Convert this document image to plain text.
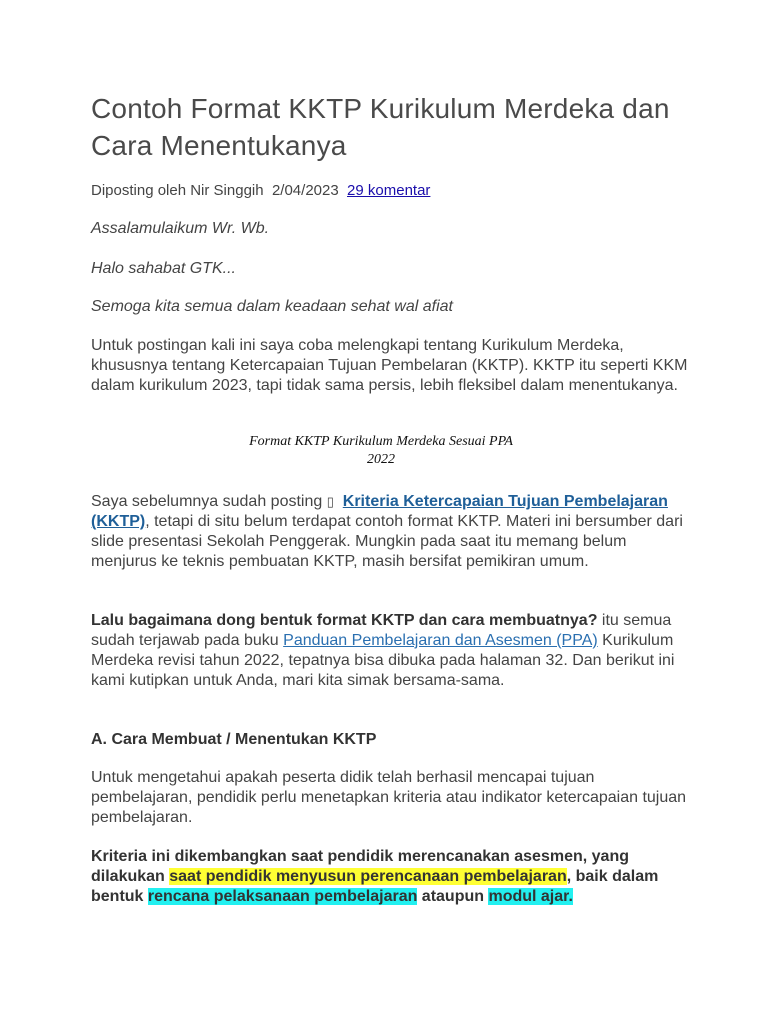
Contoh Format KKTP Kurikulum Merdeka dan Cara Menentukanya
Diposting oleh Nir Singgih 2/04/2023 29 komentar
Assalamulaikum Wr. Wb.
Halo sahabat GTK...
Semoga kita semua dalam keadaan sehat wal afiat
Untuk postingan kali ini saya coba melengkapi tentang Kurikulum Merdeka, khususnya tentang Ketercapaian Tujuan Pembelaran (KKTP). KKTP itu seperti KKM dalam kurikulum 2023, tapi tidak sama persis, lebih fleksibel dalam menentukanya.
Format KKTP Kurikulum Merdeka Sesuai PPA
2022
Saya sebelumnya sudah posting ▯ Kriteria Ketercapaian Tujuan Pembelajaran (KKTP), tetapi di situ belum terdapat contoh format KKTP. Materi ini bersumber dari slide presentasi Sekolah Penggerak. Mungkin pada saat itu memang belum menjurus ke teknis pembuatan KKTP, masih bersifat pemikiran umum.
Lalu bagaimana dong bentuk format KKTP dan cara membuatnya? itu semua sudah terjawab pada buku Panduan Pembelajaran dan Asesmen (PPA) Kurikulum Merdeka revisi tahun 2022, tepatnya bisa dibuka pada halaman 32. Dan berikut ini kami kutipkan untuk Anda, mari kita simak bersama-sama.
A. Cara Membuat / Menentukan KKTP
Untuk mengetahui apakah peserta didik telah berhasil mencapai tujuan pembelajaran, pendidik perlu menetapkan kriteria atau indikator ketercapaian tujuan pembelajaran.
Kriteria ini dikembangkan saat pendidik merencanakan asesmen, yang dilakukan saat pendidik menyusun perencanaan pembelajaran, baik dalam bentuk rencana pelaksanaan pembelajaran ataupun modul ajar.
